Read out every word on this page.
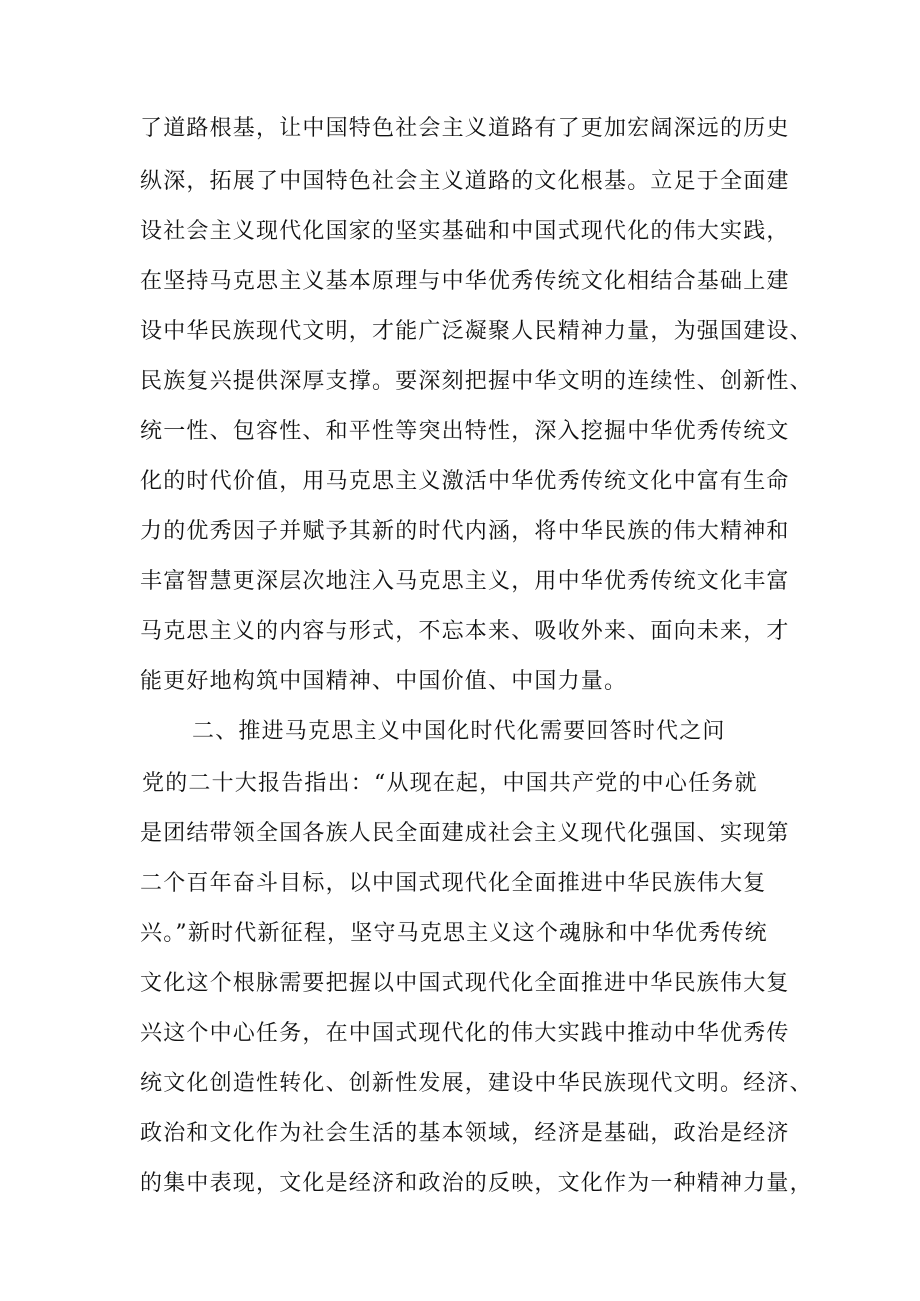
了道路根基，让中国特色社会主义道路有了更加宏阔深远的历史
纵深，拓展了中国特色社会主义道路的文化根基。立足于全面建
设社会主义现代化国家的坚实基础和中国式现代化的伟大实践，
在坚持马克思主义基本原理与中华优秀传统文化相结合基础上建
设中华民族现代文明，才能广泛凝聚人民精神力量，为强国建设、
民族复兴提供深厚支撑。要深刻把握中华文明的连续性、创新性、
统一性、包容性、和平性等突出特性，深入挖掘中华优秀传统文
化的时代价值，用马克思主义激活中华优秀传统文化中富有生命
力的优秀因子并赋予其新的时代内涵，将中华民族的伟大精神和
丰富智慧更深层次地注入马克思主义，用中华优秀传统文化丰富
马克思主义的内容与形式，不忘本来、吸收外来、面向未来，才
能更好地构筑中国精神、中国价值、中国力量。
二、推进马克思主义中国化时代化需要回答时代之问
党的二十大报告指出：“从现在起，中国共产党的中心任务就
是团结带领全国各族人民全面建成社会主义现代化强国、实现第
二个百年奋斗目标，以中国式现代化全面推进中华民族伟大复
兴。”新时代新征程，坚守马克思主义这个魂脉和中华优秀传统
文化这个根脉需要把握以中国式现代化全面推进中华民族伟大复
兴这个中心任务，在中国式现代化的伟大实践中推动中华优秀传
统文化创造性转化、创新性发展，建设中华民族现代文明。经济、
政治和文化作为社会生活的基本领域，经济是基础，政治是经济
的集中表现，文化是经济和政治的反映，文化作为一种精神力量，
